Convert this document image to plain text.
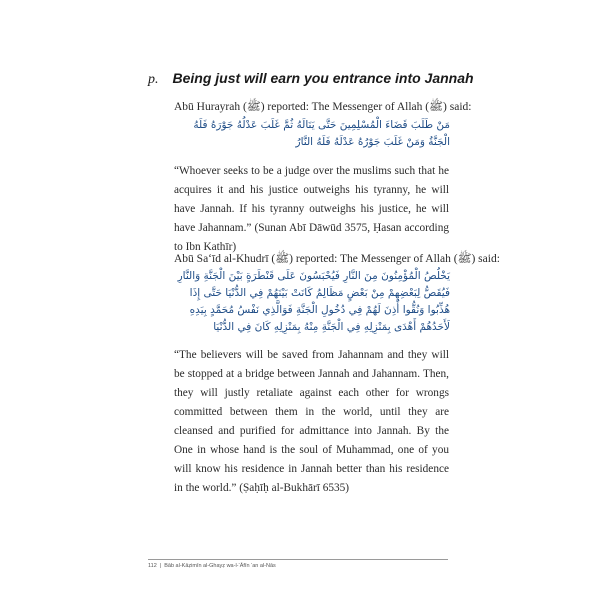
p. Being just will earn you entrance into Jannah
Abū Hurayrah (ﷺ) reported: The Messenger of Allah (ﷺ) said:
مَنْ طَلَبَ قَضَاءَ الْمُسْلِمِينَ حَتَّى يَنَالَهُ ثُمَّ غَلَبَ عَدْلُهُ جَوْرَهُ فَلَهُ الْجَنَّةُ وَمَنْ غَلَبَ جَوْرُهُ عَدْلَهُ فَلَهُ النَّارُ
“Whoever seeks to be a judge over the muslims such that he acquires it and his justice outweighs his tyranny, he will have Jannah. If his tyranny outweighs his justice, he will have Jahannam.” (Sunan Abī Dāwūd 3575, Ḥasan according to Ibn Kathīr)
Abū Sa‘īd al-Khudrī (ﷺ) reported: The Messenger of Allah (ﷺ) said:
يَخْلُصُ الْمُؤْمِنُونَ مِنَ النَّارِ فَيُحْبَسُونَ عَلَى قَنْطَرَةٍ بَيْنَ الْجَنَّةِ وَالنَّارِ فَيُقَصُّ لِبَعْضِهِمْ مِنْ بَعْضٍ مَظَالِمُ كَانَتْ بَيْنَهُمْ فِي الدُّنْيَا حَتَّى إِذَا هُذِّبُوا وَنُقُّوا أُذِنَ لَهُمْ فِي دُخُولِ الْجَنَّةِ فَوَالَّذِي نَفْسُ مُحَمَّدٍ بِيَدِهِ لَأَحَدُهُمْ أَهْدَى بِمَنْزِلِهِ فِي الْجَنَّةِ مِنْهُ بِمَنْزِلِهِ كَانَ فِي الدُّنْيَا
“The believers will be saved from Jahannam and they will be stopped at a bridge between Jannah and Jahannam. Then, they will justly retaliate against each other for wrongs committed between them in the world, until they are cleansed and purified for admittance into Jannah. By the One in whose hand is the soul of Muhammad, one of you will know his residence in Jannah better than his residence in the world.” (Ṣaḥīḥ al-Bukhārī 6535)
112 | Bāb al-Kāẓimīn al-Ghayẓ wa-l-‘Āfīn ‘an al-Nās
